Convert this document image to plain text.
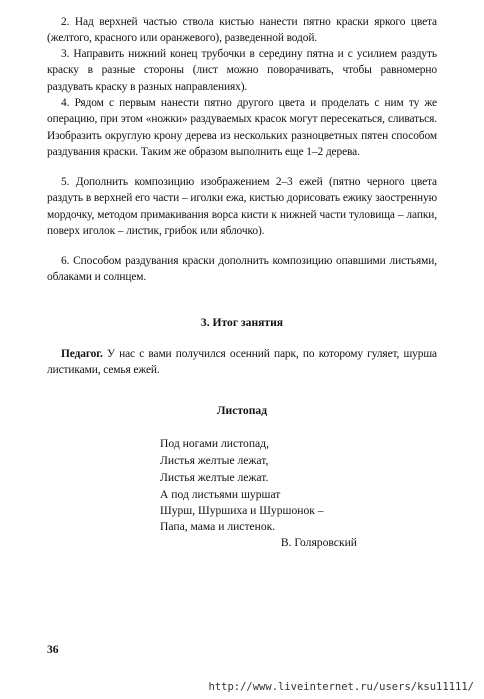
2. Над верхней частью ствола кистью нанести пятно краски яркого цвета (желтого, красного или оранжевого), разведенной водой.

3. Направить нижний конец трубочки в середину пятна и с усилием раздуть краску в разные стороны (лист можно поворачивать, чтобы равномерно раздувать краску в разных направлениях).

4. Рядом с первым нанести пятно другого цвета и проделать с ним ту же операцию, при этом «ножки» раздуваемых красок могут пересекаться, сливаться. Изобразить округлую крону дерева из нескольких разноцветных пятен способом раздувания краски. Таким же образом выполнить еще 1–2 дерева.

5. Дополнить композицию изображением 2–3 ежей (пятно черного цвета раздуть в верхней его части – иголки ежа, кистью дорисовать ежику заостренную мордочку, методом примакивания ворса кисти к нижней части туловища – лапки, поверх иголок – листик, грибок или яблочко).

6. Способом раздувания краски дополнить композицию опавшими листьями, облаками и солнцем.

3. Итог занятия

Педагог. У нас с вами получился осенний парк, по которому гуляет, шурша листиками, семья ежей.

Листопад
Под ногами листопад,
Листья желтые лежат,
Листья желтые лежат.
А под листьями шуршат
Шурш, Шуршиха и Шуршонок –
Папа, мама и листенок.
В. Голяровский
36
http://www.liveinternet.ru/users/ksu11111/
